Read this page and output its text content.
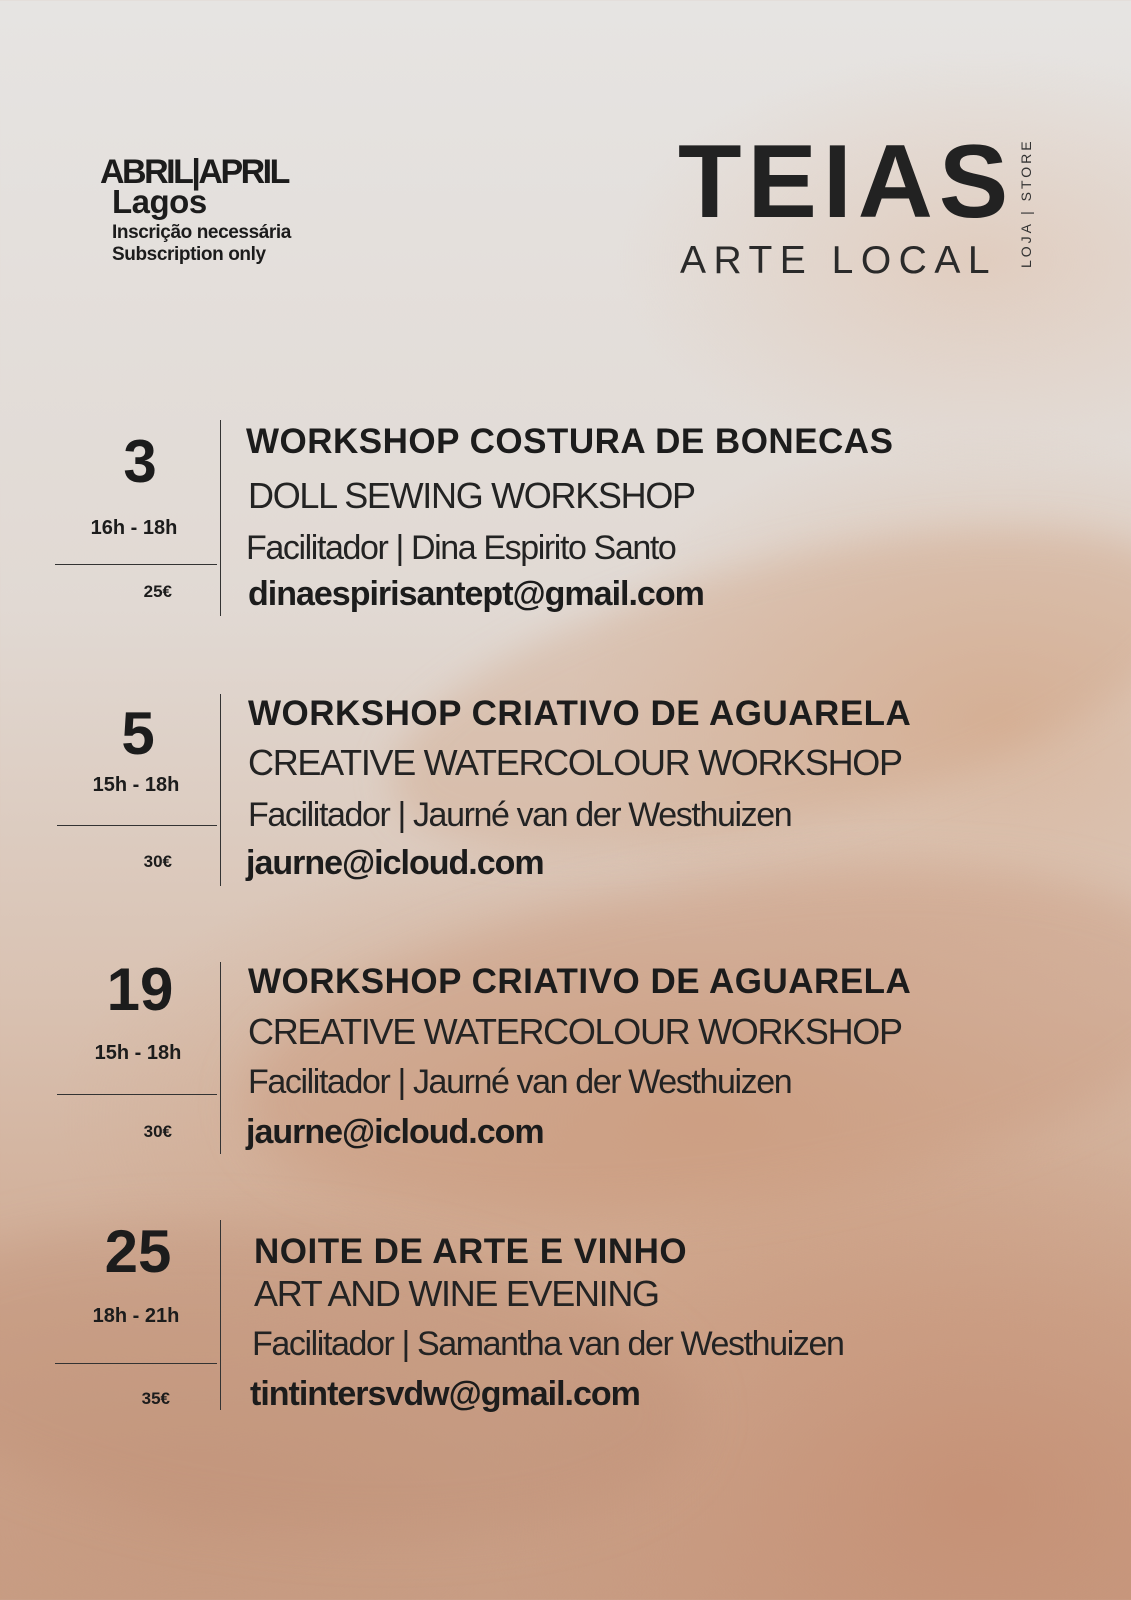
ABRIL|APRIL
Lagos
Inscrição necessária
Subscription only
TEIAS
ARTE LOCAL LOJA | STORE
3
16h - 18h
25€
WORKSHOP COSTURA DE BONECAS
DOLL SEWING WORKSHOP
Facilitador | Dina Espirito Santo
dinaespirisantept@gmail.com
5
15h - 18h
30€
WORKSHOP CRIATIVO DE AGUARELA
CREATIVE WATERCOLOUR WORKSHOP
Facilitador | Jaurné van der Westhuizen
jaurne@icloud.com
19
15h - 18h
30€
WORKSHOP CRIATIVO DE AGUARELA
CREATIVE WATERCOLOUR WORKSHOP
Facilitador | Jaurné van der Westhuizen
jaurne@icloud.com
25
18h - 21h
35€
NOITE DE ARTE E VINHO
ART AND WINE EVENING
Facilitador | Samantha van der Westhuizen
tintintersvdw@gmail.com
